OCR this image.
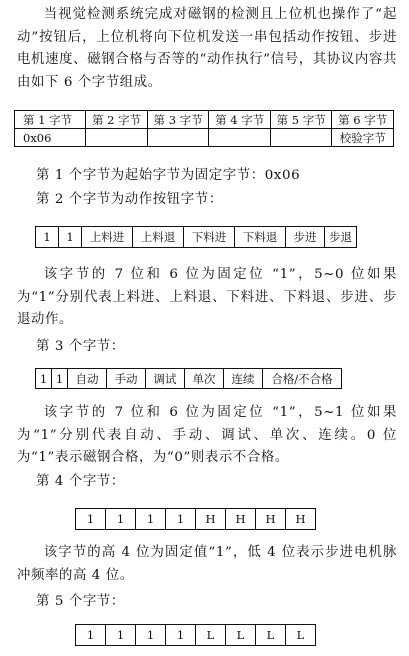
当视觉检测系统完成对磁钢的检测且上位机也操作了“起动”按钮后，上位机将向下位机发送一串包括动作按钮、步进电机速度、磁钢合格与否等的“动作执行”信号，其协议内容共由如下 6 个字节组成。
第 1 字节	第 2 字节	第 3 字节	第 4 字节	第 5 字节	第 6 字节
0x06					校验字节
第 1 个字节为起始字节为固定字节：0x06
第 2 个字节为动作按钮字节：
1	1	上料进	上料退	下料进	下料退	步进	步退
该字节的 7 位和 6 位为固定位 “1”，5~0 位如果为“1”分别代表上料进、上料退、下料进、下料退、步进、步退动作。
第 3 个字节：
1	1	自动	手动	调试	单次	连续	合格/不合格
该字节的 7 位和 6 位为固定位 “1”，5~1 位如果为“1”分别代表自动、手动、调试、单次、连续。0 位为“1”表示磁钢合格，为“0”则表示不合格。
第 4 个字节：
1	1	1	1	H	H	H	H
该字节的高 4 位为固定值“1”，低 4 位表示步进电机脉冲频率的高 4 位。
第 5 个字节：
1	1	1	1	L	L	L	L
